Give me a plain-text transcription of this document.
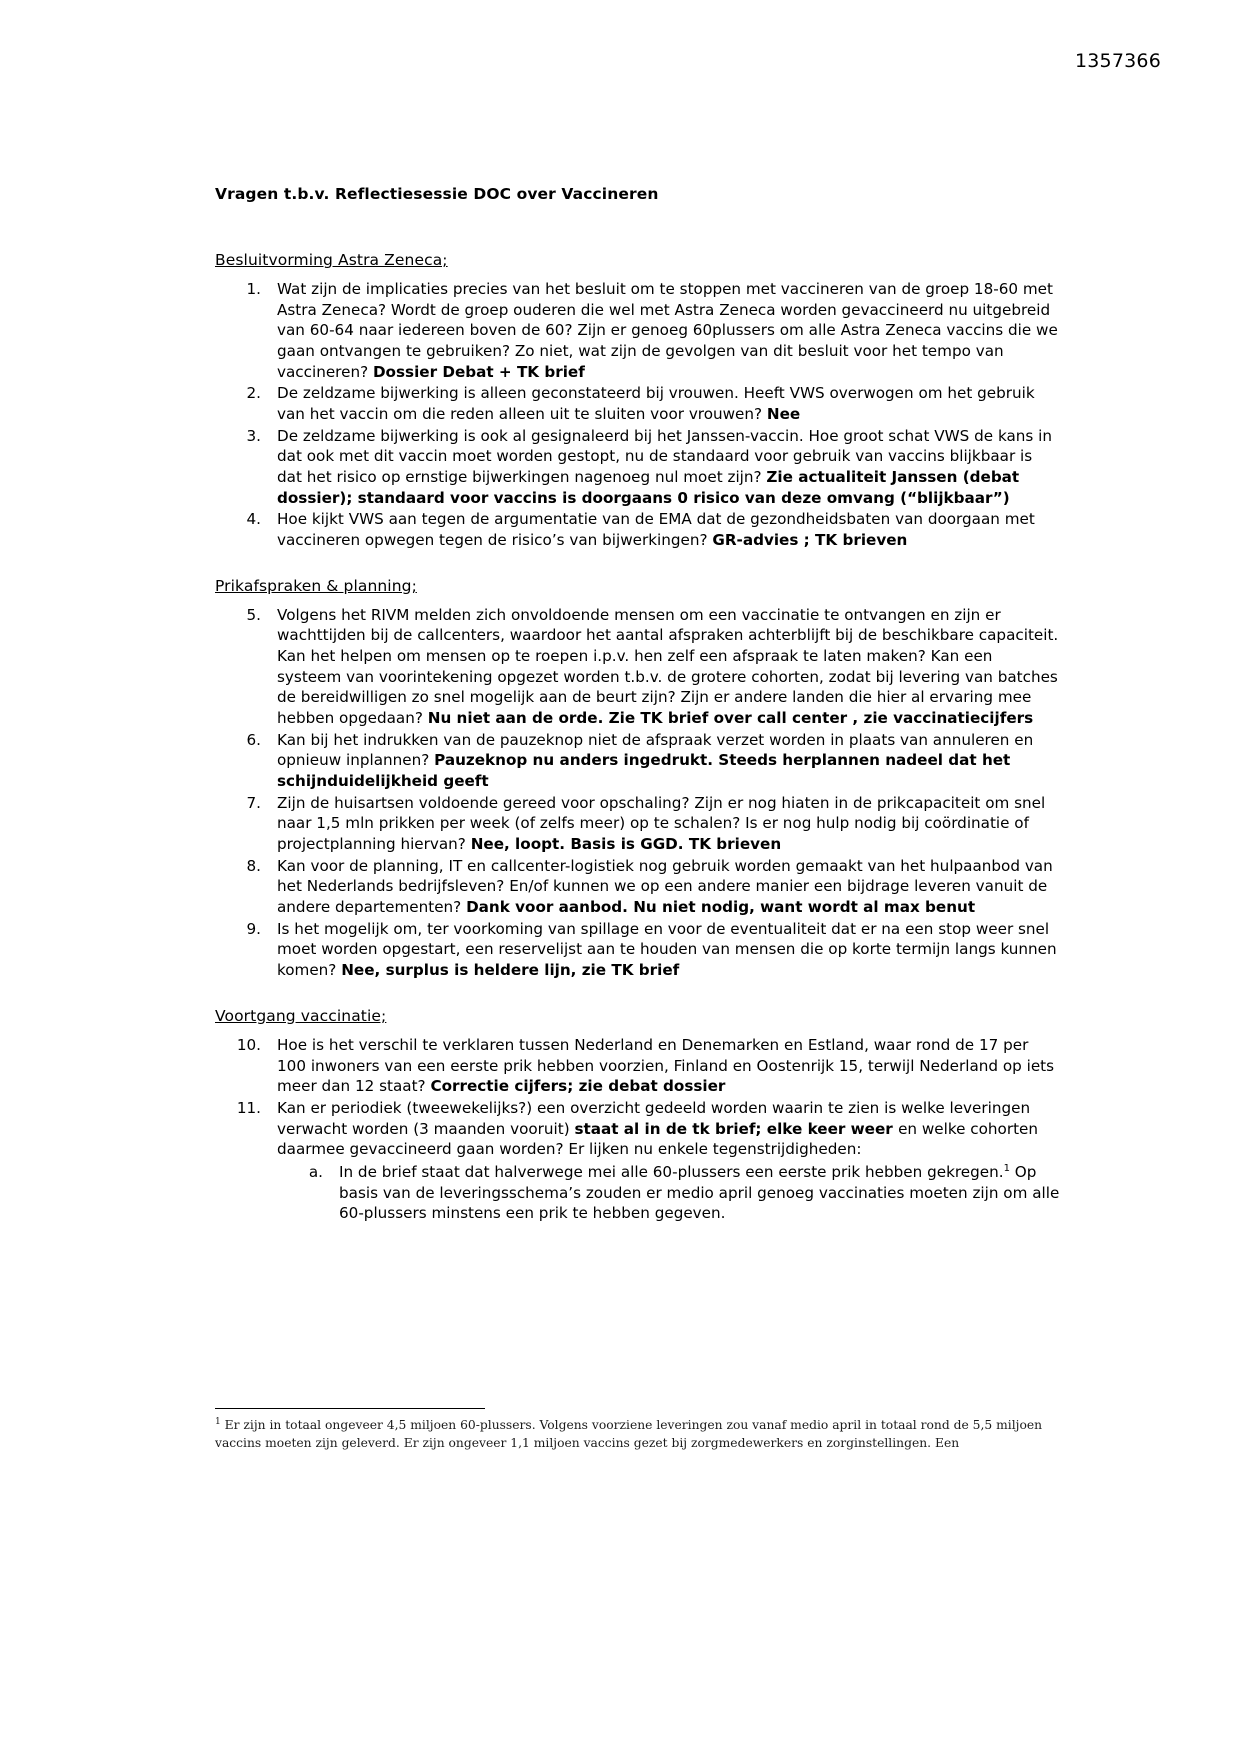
1357366
Vragen t.b.v. Reflectiesessie DOC over Vaccineren
Besluitvorming Astra Zeneca;
1. Wat zijn de implicaties precies van het besluit om te stoppen met vaccineren van de groep 18-60 met Astra Zeneca? Wordt de groep ouderen die wel met Astra Zeneca worden gevaccineerd nu uitgebreid van 60-64 naar iedereen boven de 60? Zijn er genoeg 60plussers om alle Astra Zeneca vaccins die we gaan ontvangen te gebruiken? Zo niet, wat zijn de gevolgen van dit besluit voor het tempo van vaccineren? Dossier Debat + TK brief
2. De zeldzame bijwerking is alleen geconstateerd bij vrouwen. Heeft VWS overwogen om het gebruik van het vaccin om die reden alleen uit te sluiten voor vrouwen? Nee
3. De zeldzame bijwerking is ook al gesignaleerd bij het Janssen-vaccin. Hoe groot schat VWS de kans in dat ook met dit vaccin moet worden gestopt, nu de standaard voor gebruik van vaccins blijkbaar is dat het risico op ernstige bijwerkingen nagenoeg nul moet zijn? Zie actualiteit Janssen (debat dossier); standaard voor vaccins is doorgaans 0 risico van deze omvang (“blijkbaar”)
4. Hoe kijkt VWS aan tegen de argumentatie van de EMA dat de gezondheidsbaten van doorgaan met vaccineren opwegen tegen de risico’s van bijwerkingen? GR-advies ; TK brieven
Prikafspraken & planning;
5. Volgens het RIVM melden zich onvoldoende mensen om een vaccinatie te ontvangen en zijn er wachttijden bij de callcenters, waardoor het aantal afspraken achterblijft bij de beschikbare capaciteit. Kan het helpen om mensen op te roepen i.p.v. hen zelf een afspraak te laten maken? Kan een systeem van voorintekening opgezet worden t.b.v. de grotere cohorten, zodat bij levering van batches de bereidwilligen zo snel mogelijk aan de beurt zijn? Zijn er andere landen die hier al ervaring mee hebben opgedaan? Nu niet aan de orde. Zie TK brief over call center , zie vaccinatiecijfers
6. Kan bij het indrukken van de pauzeknop niet de afspraak verzet worden in plaats van annuleren en opnieuw inplannen? Pauzeknop nu anders ingedrukt. Steeds herplannen nadeel dat het schijnduidelijkheid geeft
7. Zijn de huisartsen voldoende gereed voor opschaling? Zijn er nog hiaten in de prikcapaciteit om snel naar 1,5 mln prikken per week (of zelfs meer) op te schalen? Is er nog hulp nodig bij coördinatie of projectplanning hiervan? Nee, loopt. Basis is GGD. TK brieven
8. Kan voor de planning, IT en callcenter-logistiek nog gebruik worden gemaakt van het hulpaanbod van het Nederlands bedrijfsleven? En/of kunnen we op een andere manier een bijdrage leveren vanuit de andere departementen? Dank voor aanbod. Nu niet nodig, want wordt al max benut
9. Is het mogelijk om, ter voorkoming van spillage en voor de eventualiteit dat er na een stop weer snel moet worden opgestart, een reservelijst aan te houden van mensen die op korte termijn langs kunnen komen? Nee, surplus is heldere lijn, zie TK brief
Voortgang vaccinatie;
10. Hoe is het verschil te verklaren tussen Nederland en Denemarken en Estland, waar rond de 17 per 100 inwoners van een eerste prik hebben voorzien, Finland en Oostenrijk 15, terwijl Nederland op iets meer dan 12 staat? Correctie cijfers; zie debat dossier
11. Kan er periodiek (tweewekelijks?) een overzicht gedeeld worden waarin te zien is welke leveringen verwacht worden (3 maanden vooruit) staat al in de tk brief; elke keer weer en welke cohorten daarmee gevaccineerd gaan worden? Er lijken nu enkele tegenstrijdigheden:
a. In de brief staat dat halverwege mei alle 60-plussers een eerste prik hebben gekregen.$^1$ Op basis van de leveringsschema’s zouden er medio april genoeg vaccinaties moeten zijn om alle 60-plussers minstens een prik te hebben gegeven.
$^1$ Er zijn in totaal ongeveer 4,5 miljoen 60-plussers. Volgens voorziene leveringen zou vanaf medio april in totaal rond de 5,5 miljoen vaccins moeten zijn geleverd. Er zijn ongeveer 1,1 miljoen vaccins gezet bij zorgmedewerkers en zorginstellingen. Een
